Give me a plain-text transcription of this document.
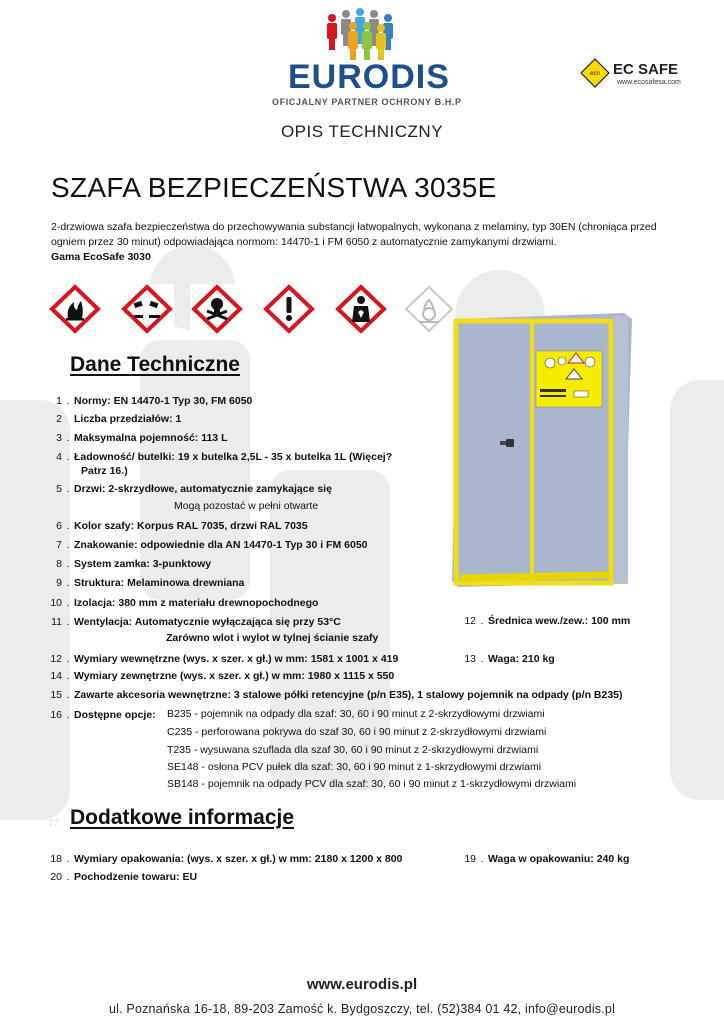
EURODIS
OFICJALNY PARTNER OCHRONY B.H.P
eco EC SAFE
www.ecosafesa.com
OPIS TECHNICZNY
SZAFA BEZPIECZEŃSTWA 3035E
2-drzwiowa szafa bezpieczeństwa do przechowywania substancji łatwopalnych, wykonana z melaminy, typ 30EN (chroniąca przed ogniem przez 30 minut) odpowiadająca normom: 14470-1 i FM 6050 z automatycznie zamykanymi drzwiami.
Gama EcoSafe 3030
Dane Techniczne
1 . Normy: EN 14470-1 Typ 30, FM 6050
2 Liczba przedziałów: 1
3 . Maksymalna pojemność: 113 L
4 . Ładowność/ butelki: 19 x butelka 2,5L - 35 x butelka 1L (Więcej?
Patrz 16.)
5 . Drzwi: 2-skrzydłowe, automatycznie zamykające się
Mogą pozostać w pełni otwarte
6 . Kolor szafy: Korpus RAL 7035, drzwi RAL 7035
7 . Znakowanie: odpowiednie dla AN 14470-1 Typ 30 i FM 6050
8 . System zamka: 3-punktowy
9 . Struktura: Melaminowa drewniana
10 . Izolacja: 380 mm z materiału drewnopochodnego
11 . Wentylacja: Automatycznie wyłączająca się przy 53°C
Zarówno wlot i wylot w tylnej ścianie szafy
12 . Średnica wew./zew.: 100 mm
12 . Wymiary wewnętrzne (wys. x szer. x gł.) w mm: 1581 x 1001 x 419	13 . Waga: 210 kg
14 . Wymiary zewnętrzne (wys. x szer. x gł.) w mm: 1980 x 1115 x 550
15 . Zawarte akcesoria wewnętrzne: 3 stalowe półki retencyjne (p/n E35), 1 stalowy pojemnik na odpady (p/n B235)
16 . Dostępne opcje: B235 - pojemnik na odpady dla szaf: 30, 60 i 90 minut z 2-skrzydłowymi drzwiami
C235 - perforowana pokrywa do szaf 30, 60 i 90 minut z 2-skrzydłowymi drzwiami
T235 - wysuwana szuflada dla szaf 30, 60 i 90 minut z 2-skrzydłowymi drzwiami
SE148 - osłona PCV pułek dla szaf: 30, 60 i 90 minut z 1-skrzydłowymi drzwiami
SB148 - pojemnik na odpady PCV dla szaf: 30, 60 i 90 minut z 1-skrzydłowymi drzwiami
17 Dodatkowe informacje
18 . Wymiary opakowania: (wys. x szer. x gł.) w mm: 2180 x 1200 x 800	19 . Waga w opakowaniu: 240 kg
20 . Pochodzenie towaru: EU
www.eurodis.pl
ul. Poznańska 16-18, 89-203 Zamość k. Bydgoszczy, tel. (52)384 01 42, info@eurodis.pl
